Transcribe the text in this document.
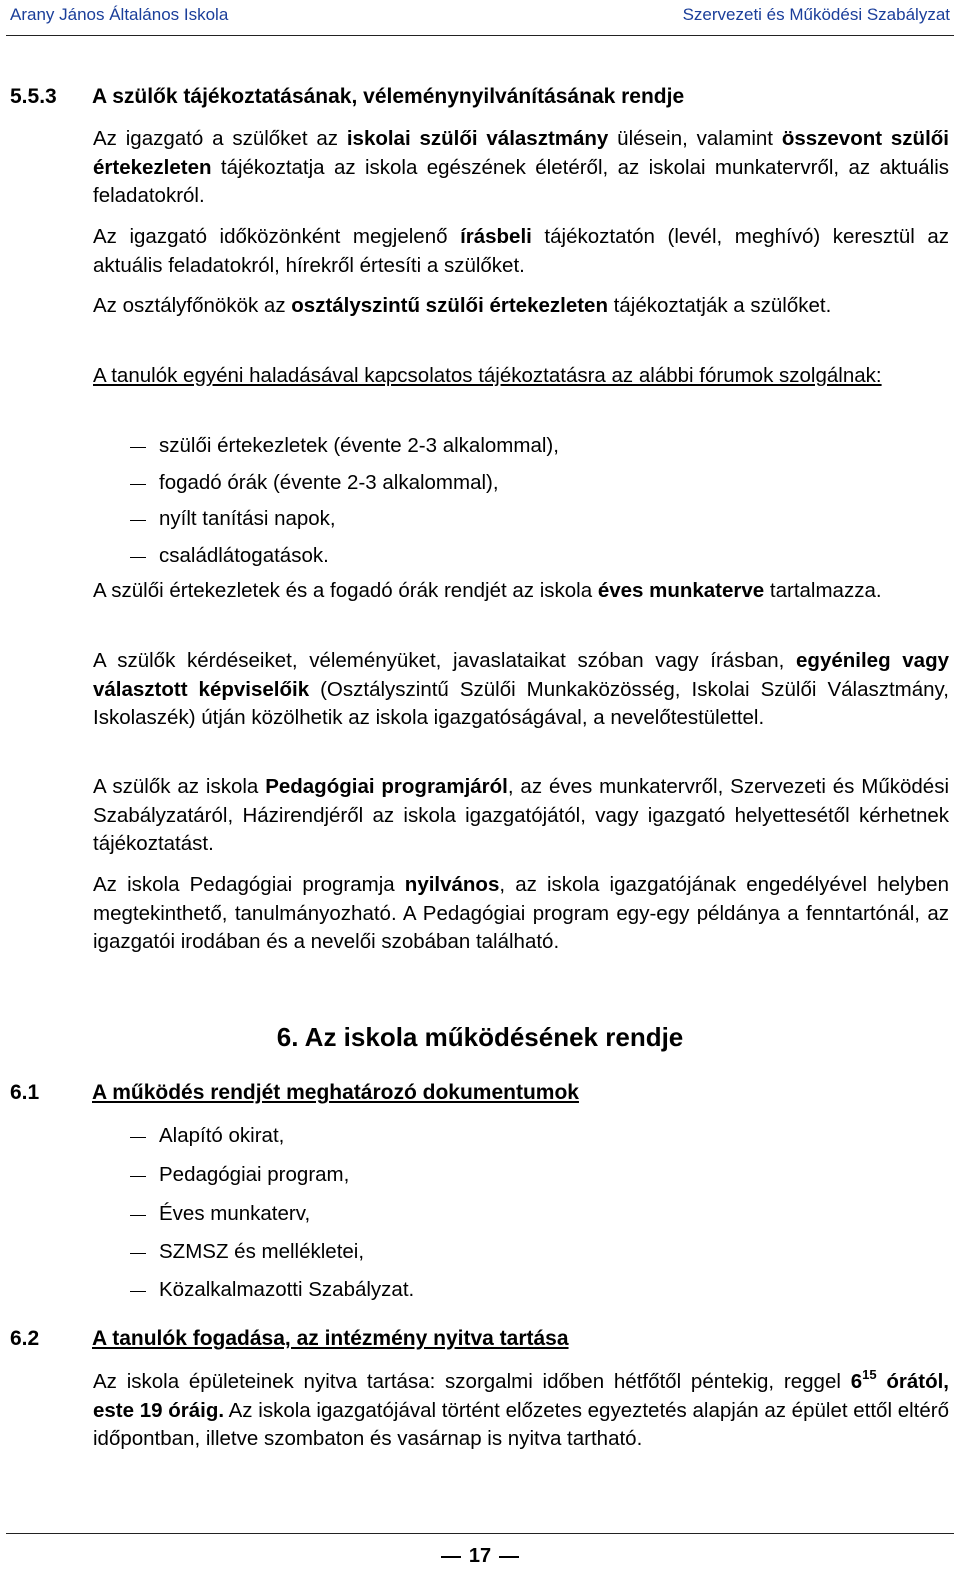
Arany János Általános Iskola	Szervezeti és Működési Szabályzat
5.5.3 A szülők tájékoztatásának, véleménynyilvánításának rendje
Az igazgató a szülőket az iskolai szülői választmány ülésein, valamint összevont szülői értekezleten tájékoztatja az iskola egészének életéről, az iskolai munkatervről, az aktuális feladatokról.
Az igazgató időközönként megjelenő írásbeli tájékoztatón (levél, meghívó) keresztül az aktuális feladatokról, hírekről értesíti a szülőket.
Az osztályfőnökök az osztályszintű szülői értekezleten tájékoztatják a szülőket.
A tanulók egyéni haladásával kapcsolatos tájékoztatásra az alábbi fórumok szolgálnak:
szülői értekezletek (évente 2-3 alkalommal),
fogadó órák (évente 2-3 alkalommal),
nyílt tanítási napok,
családlátogatások.
A szülői értekezletek és a fogadó órák rendjét az iskola éves munkaterve tartalmazza.
A szülők kérdéseiket, véleményüket, javaslataikat szóban vagy írásban, egyénileg vagy választott képviselőik (Osztályszintű Szülői Munkaközösség, Iskolai Szülői Választmány, Iskolaszék) útján közölhetik az iskola igazgatóságával, a nevelőtestülettel.
A szülők az iskola Pedagógiai programjáról, az éves munkatervről, Szervezeti és Működési Szabályzatáról, Házirendjéről az iskola igazgatójától, vagy igazgató helyettesétől kérhetnek tájékoztatást.
Az iskola Pedagógiai programja nyilvános, az iskola igazgatójának engedélyével helyben megtekinthető, tanulmányozható. A Pedagógiai program egy-egy példánya a fenntartónál, az igazgatói irodában és a nevelői szobában található.
6. Az iskola működésének rendje
6.1	A működés rendjét meghatározó dokumentumok
Alapító okirat,
Pedagógiai program,
Éves munkaterv,
SZMSZ és mellékletei,
Közalkalmazotti Szabályzat.
6.2	A tanulók fogadása, az intézmény nyitva tartása
Az iskola épületeinek nyitva tartása: szorgalmi időben hétfőtől péntekig, reggel $6^{15}$ órától, este 19 óráig. Az iskola igazgatójával történt előzetes egyeztetés alapján az épület ettől eltérő időpontban, illetve szombaton és vasárnap is nyitva tartható.
17
